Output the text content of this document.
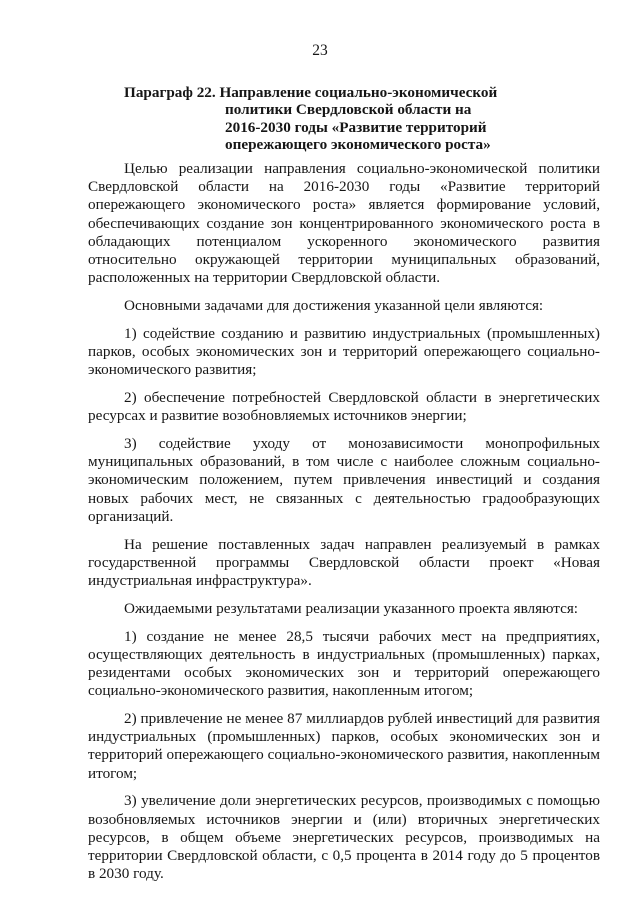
23
Параграф 22. Направление социально-экономической
политики Свердловской области на
2016-2030 годы «Развитие территорий
опережающего экономического роста»

Целью реализации направления социально-экономической политики Свердловской области на 2016-2030 годы «Развитие территорий опережающего экономического роста» является формирование условий, обеспечивающих создание зон концентрированного экономического роста в обладающих потенциалом ускоренного экономического развития относительно окружающей территории муниципальных образований, расположенных на территории Свердловской области.

Основными задачами для достижения указанной цели являются:

1) содействие созданию и развитию индустриальных (промышленных) парков, особых экономических зон и территорий опережающего социально-экономического развития;

2) обеспечение потребностей Свердловской области в энергетических ресурсах и развитие возобновляемых источников энергии;

3) содействие уходу от монозависимости монопрофильных муниципальных образований, в том числе с наиболее сложным социально-экономическим положением, путем привлечения инвестиций и создания новых рабочих мест, не связанных с деятельностью градообразующих организаций.

На решение поставленных задач направлен реализуемый в рамках государственной программы Свердловской области проект «Новая индустриальная инфраструктура».

Ожидаемыми результатами реализации указанного проекта являются:

1) создание не менее 28,5 тысячи рабочих мест на предприятиях, осуществляющих деятельность в индустриальных (промышленных) парках, резидентами особых экономических зон и территорий опережающего социально-экономического развития, накопленным итогом;

2) привлечение не менее 87 миллиардов рублей инвестиций для развития индустриальных (промышленных) парков, особых экономических зон и территорий опережающего социально-экономического развития, накопленным итогом;

3) увеличение доли энергетических ресурсов, производимых с помощью возобновляемых источников энергии и (или) вторичных энергетических ресурсов, в общем объеме энергетических ресурсов, производимых на территории Свердловской области, с 0,5 процента в 2014 году до 5 процентов в 2030 году.
